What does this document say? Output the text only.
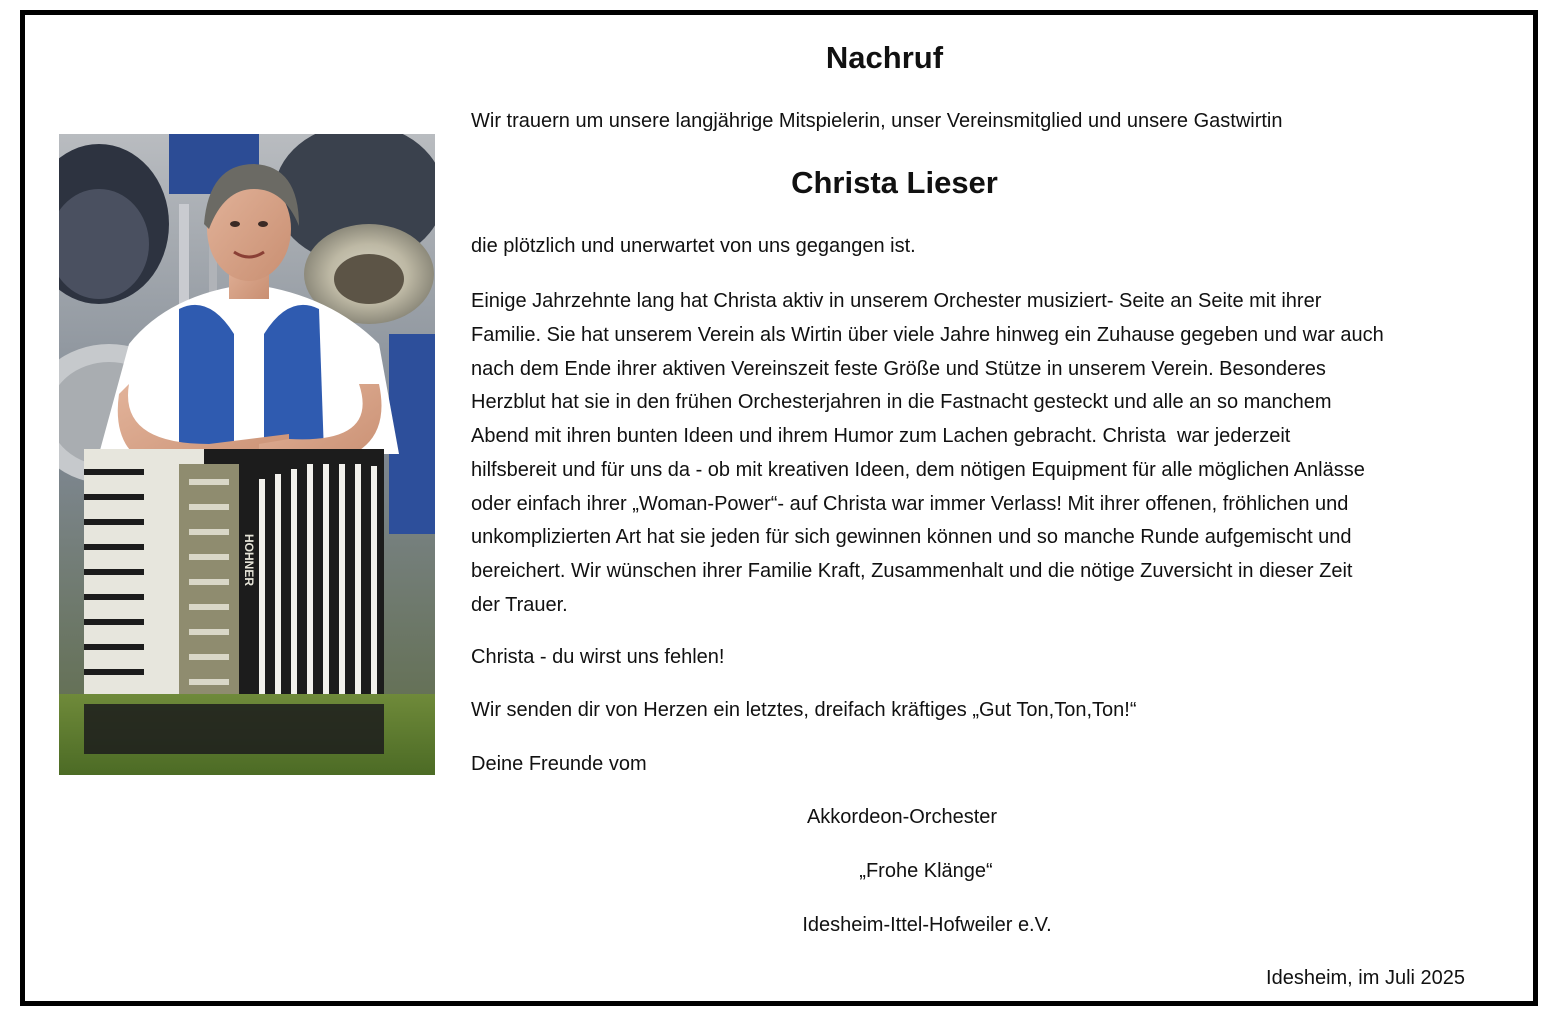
HOHNER
Nachruf

Wir trauern um unsere langjährige Mitspielerin, unser Vereinsmitglied und unsere Gastwirtin

Christa Lieser

die plötzlich und unerwartet von uns gegangen ist.

Einige Jahrzehnte lang hat Christa aktiv in unserem Orchester musiziert- Seite an Seite mit ihrer
Familie. Sie hat unserem Verein als Wirtin über viele Jahre hinweg ein Zuhause gegeben und war auch
nach dem Ende ihrer aktiven Vereinszeit feste Größe und Stütze in unserem Verein. Besonderes
Herzblut hat sie in den frühen Orchesterjahren in die Fastnacht gesteckt und alle an so manchem
Abend mit ihren bunten Ideen und ihrem Humor zum Lachen gebracht. Christa  war jederzeit
hilfsbereit und für uns da - ob mit kreativen Ideen, dem nötigen Equipment für alle möglichen Anlässe
oder einfach ihrer „Woman-Power“- auf Christa war immer Verlass! Mit ihrer offenen, fröhlichen und
unkomplizierten Art hat sie jeden für sich gewinnen können und so manche Runde aufgemischt und
bereichert. Wir wünschen ihrer Familie Kraft, Zusammenhalt und die nötige Zuversicht in dieser Zeit
der Trauer.

Christa - du wirst uns fehlen!

Wir senden dir von Herzen ein letztes, dreifach kräftiges „Gut Ton,Ton,Ton!“

Deine Freunde vom

Akkordeon-Orchester

„Frohe Klänge“

Idesheim-Ittel-Hofweiler e.V.

Idesheim, im Juli 2025
